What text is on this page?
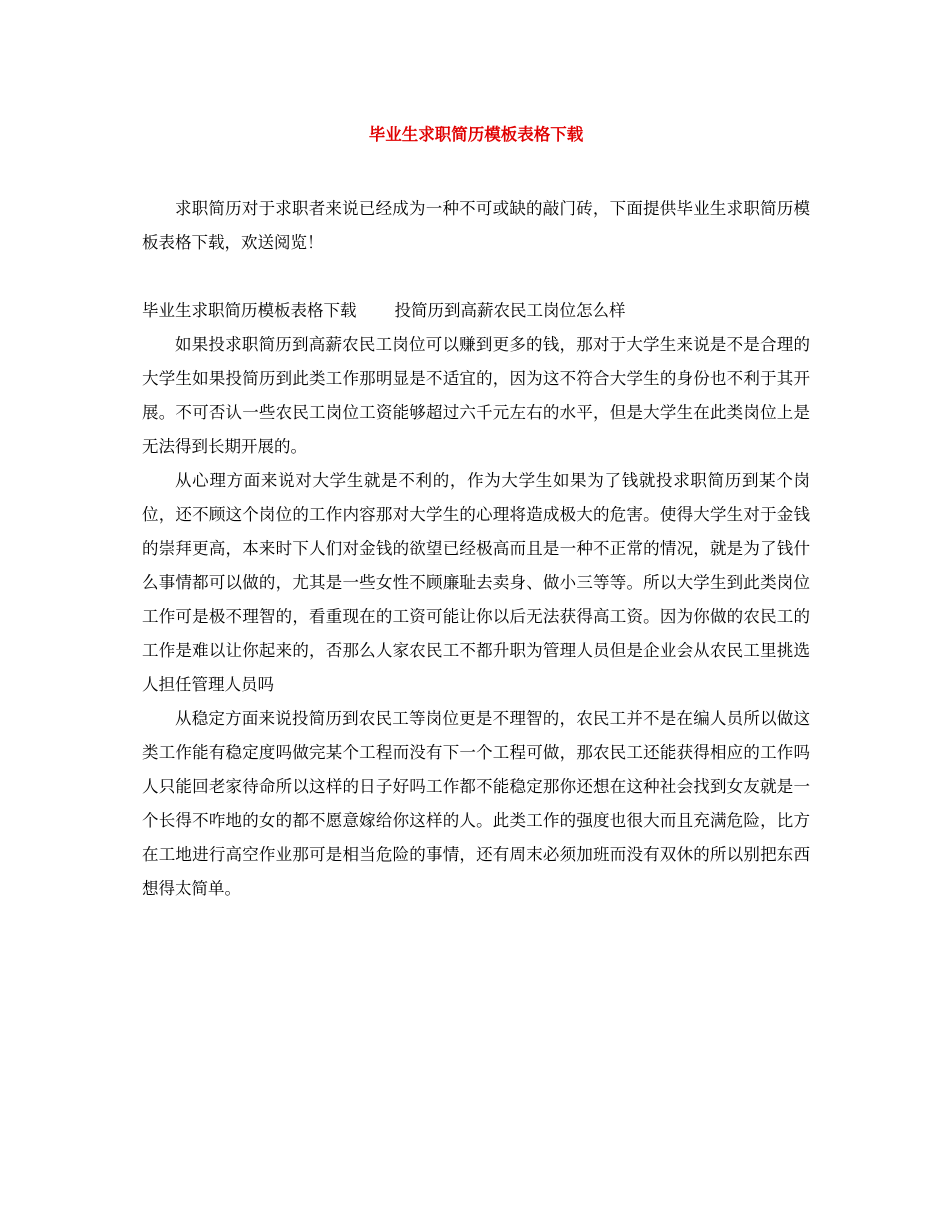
毕业生求职简历模板表格下载

求职简历对于求职者来说已经成为一种不可或缺的敲门砖，下面提供毕业生求职简历模板表格下载，欢送阅览！

毕业生求职简历模板表格下载 投简历到高薪农民工岗位怎么样

如果投求职简历到高薪农民工岗位可以赚到更多的钱，那对于大学生来说是不是合理的大学生如果投简历到此类工作那明显是不适宜的，因为这不符合大学生的身份也不利于其开展。不可否认一些农民工岗位工资能够超过六千元左右的水平，但是大学生在此类岗位上是无法得到长期开展的。

从心理方面来说对大学生就是不利的，作为大学生如果为了钱就投求职简历到某个岗位，还不顾这个岗位的工作内容那对大学生的心理将造成极大的危害。使得大学生对于金钱的崇拜更高，本来时下人们对金钱的欲望已经极高而且是一种不正常的情况，就是为了钱什么事情都可以做的，尤其是一些女性不顾廉耻去卖身、做小三等等。所以大学生到此类岗位工作可是极不理智的，看重现在的工资可能让你以后无法获得高工资。因为你做的农民工的工作是难以让你起来的，否那么人家农民工不都升职为管理人员但是企业会从农民工里挑选人担任管理人员吗

从稳定方面来说投简历到农民工等岗位更是不理智的，农民工并不是在编人员所以做这类工作能有稳定度吗做完某个工程而没有下一个工程可做，那农民工还能获得相应的工作吗人只能回老家待命所以这样的日子好吗工作都不能稳定那你还想在这种社会找到女友就是一个长得不咋地的女的都不愿意嫁给你这样的人。此类工作的强度也很大而且充满危险，比方在工地进行高空作业那可是相当危险的事情，还有周末必须加班而没有双休的所以别把东西想得太简单。
